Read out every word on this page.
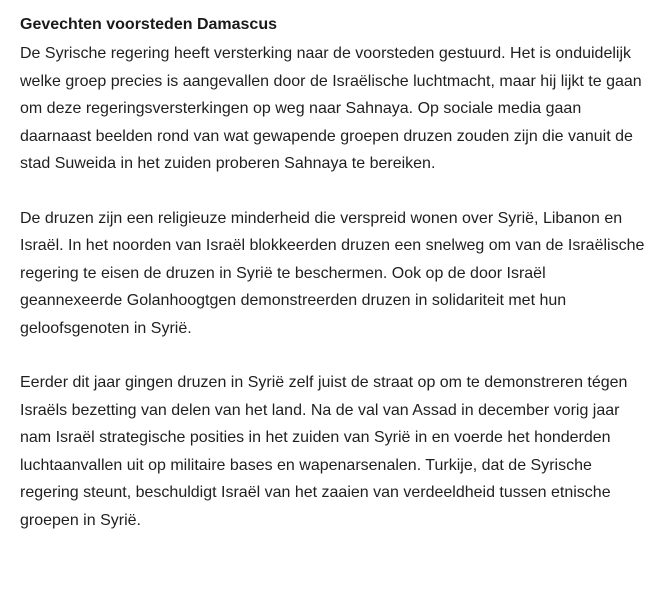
Gevechten voorsteden Damascus

De Syrische regering heeft versterking naar de voorsteden gestuurd. Het is onduidelijk welke groep precies is aangevallen door de Israëlische luchtmacht, maar hij lijkt te gaan om deze regeringsversterkingen op weg naar Sahnaya. Op sociale media gaan daarnaast beelden rond van wat gewapende groepen druzen zouden zijn die vanuit de stad Suweida in het zuiden proberen Sahnaya te bereiken.

De druzen zijn een religieuze minderheid die verspreid wonen over Syrië, Libanon en Israël. In het noorden van Israël blokkeerden druzen een snelweg om van de Israëlische regering te eisen de druzen in Syrië te beschermen. Ook op de door Israël geannexeerde Golanhoogtgen demonstreerden druzen in solidariteit met hun geloofsgenoten in Syrië.

Eerder dit jaar gingen druzen in Syrië zelf juist de straat op om te demonstreren tégen Israëls bezetting van delen van het land. Na de val van Assad in december vorig jaar nam Israël strategische posities in het zuiden van Syrië in en voerde het honderden luchtaanvallen uit op militaire bases en wapenarsenalen. Turkije, dat de Syrische regering steunt, beschuldigt Israël van het zaaien van verdeeldheid tussen etnische groepen in Syrië.
